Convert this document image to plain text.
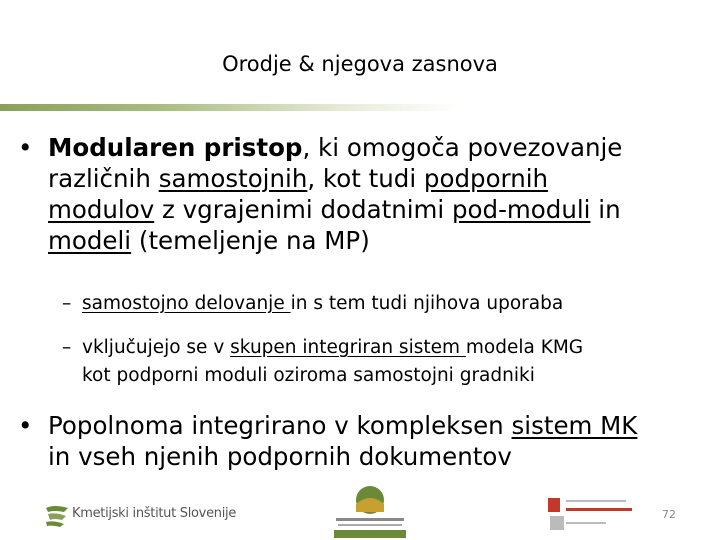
Orodje & njegova zasnova
• Modularen pristop, ki omogoča povezovanje
različnih samostojnih, kot tudi podpornih
modulov z vgrajenimi dodatnimi pod-moduli in
modeli (temeljenje na MP)
– samostojno delovanje in s tem tudi njihova uporaba
– vključujejo se v skupen integriran sistem modela KMG
kot podporni moduli oziroma samostojni gradniki
• Popolnoma integrirano v kompleksen sistem MK
in vseh njenih podpornih dokumentov
Kmetijski inštitut Slovenije	72
